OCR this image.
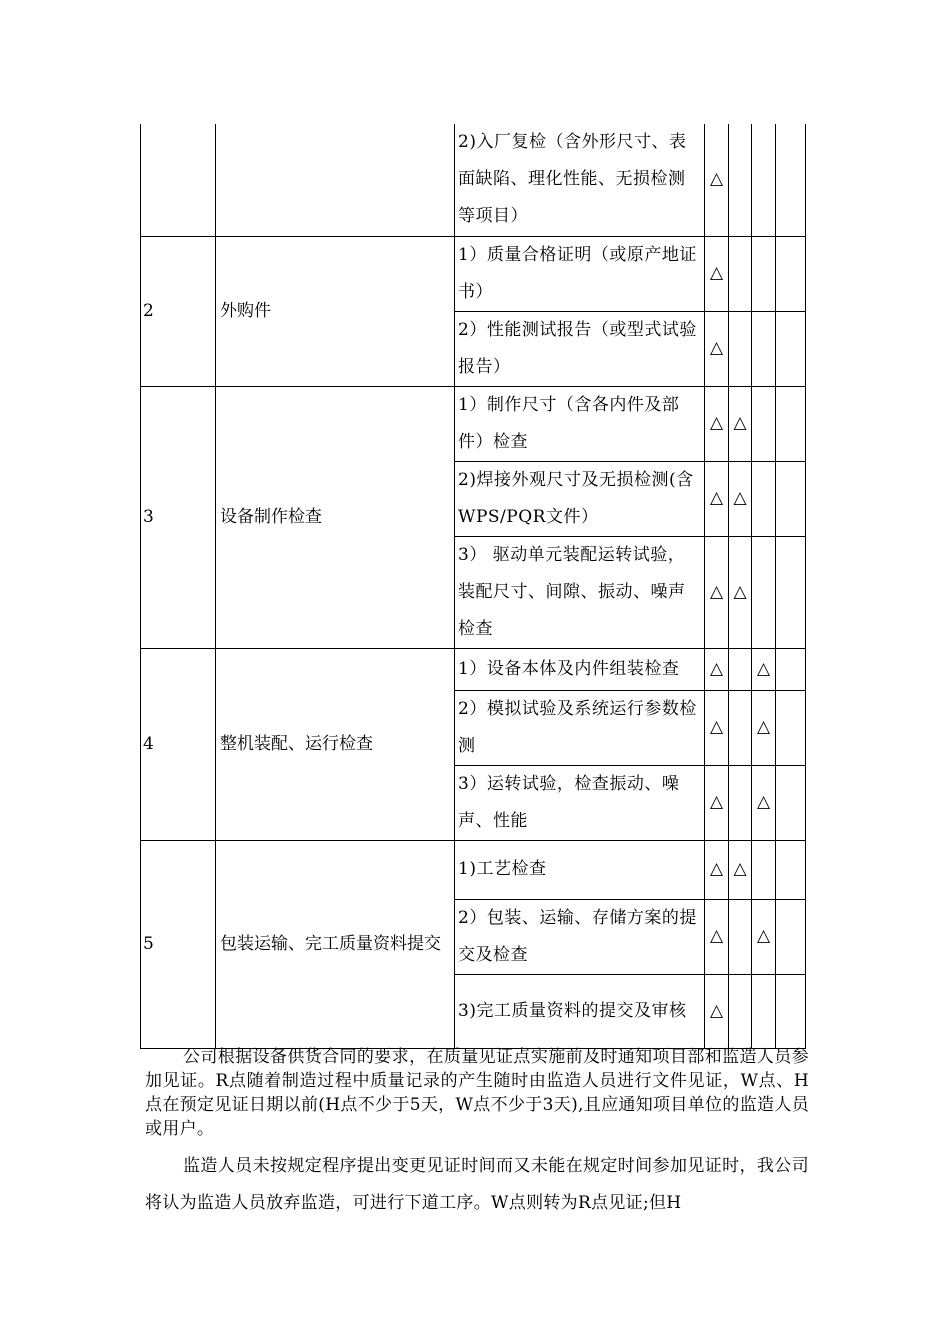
		2)入厂复检（含外形尺寸、表面缺陷、理化性能、无损检测等项目）	△			
2	外购件	1）质量合格证明（或原产地证书）	△			
		2）性能测试报告（或型式试验报告）	△			
3	设备制作检查	1）制作尺寸（含各内件及部件）检查	△	△		
		2)焊接外观尺寸及无损检测(含WPS/PQR文件）	△	△		
		3） 驱动单元装配运转试验，装配尺寸、间隙、振动、噪声检查	△	△		
4	整机装配、运行检查	1）设备本体及内件组装检查	△		△	
		2）模拟试验及系统运行参数检测	△		△	
		3）运转试验，检查振动、噪声、性能	△		△	
5	包装运输、完工质量资料提交	1)工艺检查	△	△		
		2）包装、运输、存储方案的提交及检查	△		△	
		3)完工质量资料的提交及审核	△			
公司根据设备供货合同的要求，在质量见证点实施前及时通知项目部和监造人员参加见证。R点随着制造过程中质量记录的产生随时由监造人员进行文件见证，W点、H点在预定见证日期以前(H点不少于5天，W点不少于3天),且应通知项目单位的监造人员或用户。
监造人员未按规定程序提出变更见证时间而又未能在规定时间参加见证时，我公司将认为监造人员放弃监造，可进行下道工序。W点则转为R点见证;但H
